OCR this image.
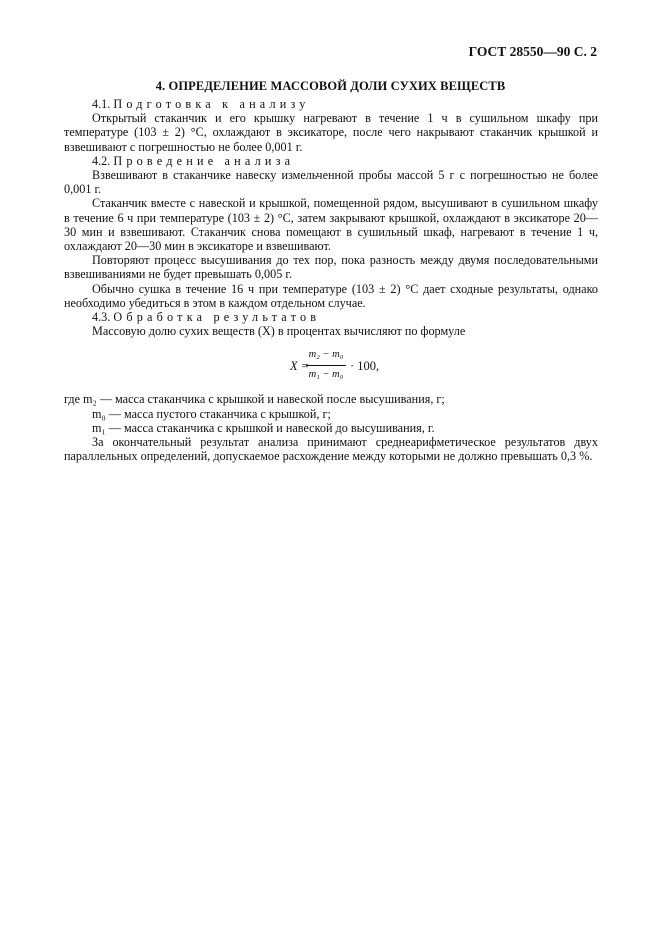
ГОСТ 28550—90 С. 2
4. ОПРЕДЕЛЕНИЕ МАССОВОЙ ДОЛИ СУХИХ ВЕЩЕСТВ

4.1. Подготовка к анализу

Открытый стаканчик и его крышку нагревают в течение 1 ч в сушильном шкафу при температуре (103 ± 2) °С, охлаждают в эксикаторе, после чего накрывают стаканчик крышкой и взвешивают с погрешностью не более 0,001 г.

4.2. Проведение анализа

Взвешивают в стаканчике навеску измельченной пробы массой 5 г с погрешностью не более 0,001 г.

Стаканчик вместе с навеской и крышкой, помещенной рядом, высушивают в сушильном шкафу в течение 6 ч при температуре (103 ± 2) °С, затем закрывают крышкой, охлаждают в эксикаторе 20—30 мин и взвешивают. Стаканчик снова помещают в сушильный шкаф, нагревают в течение 1 ч, охлаждают 20—30 мин в эксикаторе и взвешивают.

Повторяют процесс высушивания до тех пор, пока разность между двумя последовательными взвешиваниями не будет превышать 0,005 г.

Обычно сушка в течение 16 ч при температуре (103 ± 2) °С дает сходные результаты, однако необходимо убедиться в этом в каждом отдельном случае.

4.3. Обработка результатов

Массовую долю сухих веществ (X) в процентах вычисляют по формуле

X =
m₂ − m₀
m₁ − m₀
· 100,

где m₂ — масса стаканчика с крышкой и навеской после высушивания, г;

m₀ — масса пустого стаканчика с крышкой, г;

m₁ — масса стаканчика с крышкой и навеской до высушивания, г.

За окончательный результат анализа принимают среднеарифметическое результатов двух параллельных определений, допускаемое расхождение между которыми не должно превышать 0,3 %.
